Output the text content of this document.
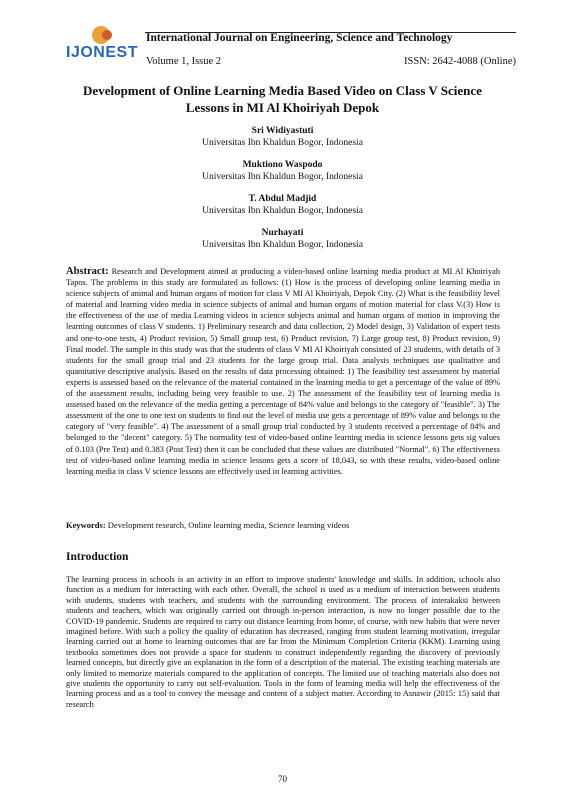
IJONEST
International Journal on Engineering, Science and Technology
Volume 1, Issue 2	ISSN: 2642-4088 (Online)
Development of Online Learning Media Based Video on Class V Science Lessons in MI Al Khoiriyah Depok
Sri Widiyastuti
Universitas Ibn Khaldun Bogor, Indonesia
Muktiono Waspodo
Universitas Ibn Khaldun Bogor, Indonesia
T. Abdul Madjid
Universitas Ibn Khaldun Bogor, Indonesia
Nurhayati
Universitas Ibn Khaldun Bogor, Indonesia
Abstract: Research and Development aimed at producing a video-based online learning media product at MI Al Khoiriyah Tapos. The problems in this study are formulated as follows: (1) How is the process of developing online learning media in science subjects of animal and human organs of motion for class V MI Al Khoiriyah, Depok City. (2) What is the feasibility level of material and learning video media in science subjects of animal and human organs of motion material for class V.(3) How is the effectiveness of the use of media Learning videos in science subjects animal and human organs of motion in improving the learning outcomes of class V students. 1) Preliminary research and data collection, 2) Model design, 3) Validation of expert tests and one-to-one tests, 4) Product revision, 5) Small group test, 6) Product revision, 7) Large group test, 8) Product revision, 9) Final model. The sample in this study was that the students of class V MI Al Khoiriyah consisted of 23 students, with details of 3 students for the small group trial and 23 students for the large group trial. Data analysis techniques use qualitative and quantitative descriptive analysis. Based on the results of data processing obtained: 1) The feasibility test assessment by material experts is assessed based on the relevance of the material contained in the learning media to get a percentage of the value of 89% of the assessment results, including being very feasible to use. 2) The assessment of the feasibility test of learning media is assessed based on the relevance of the media getting a percentage of 84% value and belongs to the category of "feasible". 3) The assessment of the one to one test on students to find out the level of media use gets a percentage of 89% value and belongs to the category of "very feasible". 4) The assessment of a small group trial conducted by 3 students received a percentage of 84% and belonged to the "decent" category. 5) The normality test of video-based online learning media in science lessons gets sig values of 0.103 (Pre Test) and 0.383 (Post Test) then it can be concluded that these values are distributed "Normal". 6) The effectiveness test of video-based online learning media in science lessons gets a score of 18,043, so with these results, video-based online learning media in class V science lessons are effectively used in learning activities.
Keywords: Development research, Online learning media, Science learning videos
Introduction
The learning process in schools is an activity in an effort to improve students' knowledge and skills. In addition, schools also function as a medium for interacting with each other. Overall, the school is used as a medium of interaction between students with students, students with teachers, and students with the surrounding environment. The process of interakaksi between students and teachers, which was originally carried out through in-person interaction, is now no longer possible due to the COVID-19 pandemic. Students are required to carry out distance learning from home, of course, with new habits that were never imagined before. With such a policy the quality of education has decreased, ranging from student learning motivation, irregular learning carried out at home to learning outcomes that are far from the Minimum Completion Criteria (KKM). Learning using textbooks sometimes does not provide a space for students to construct independently regarding the discovery of previously learned concepts, but directly give an explanation in the form of a description of the material. The existing teaching materials are only limited to memorize materials compared to the application of concepts. The limited use of teaching materials also does not give students the opportunity to carry out self-evaluation. Tools in the form of learning media will help the effectiveness of the learning process and as a tool to convey the message and content of a subject matter. According to Asnawir (2015: 15) said that research
70
